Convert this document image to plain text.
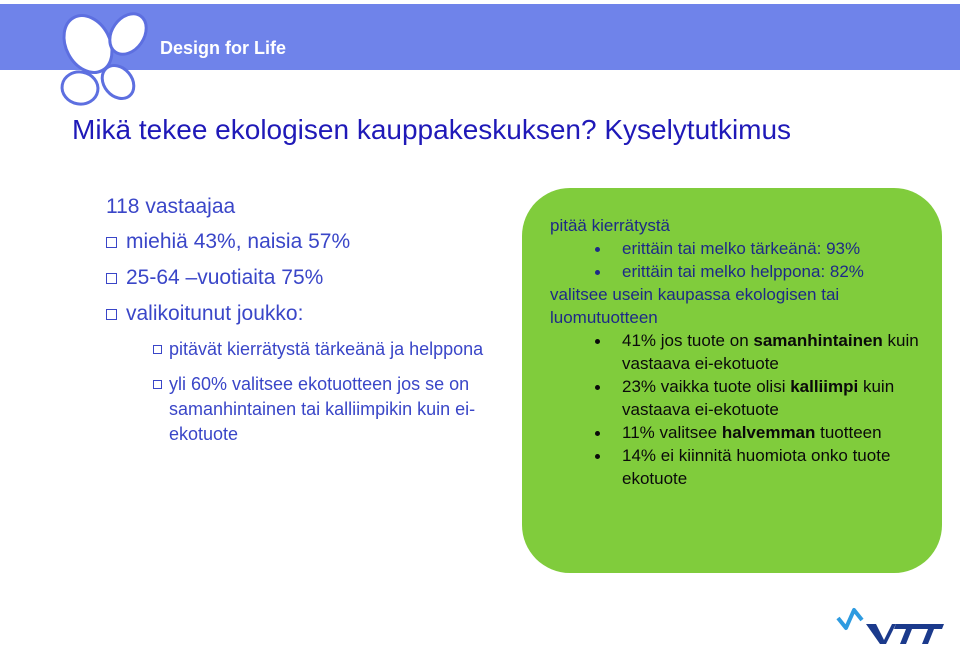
Design for Life
Mikä tekee ekologisen kauppakeskuksen? Kyselytutkimus
118 vastaajaa
miehiä 43%, naisia 57%
25-64 –vuotiaita 75%
valikoitunut joukko:
pitävät kierrätystä tärkeänä ja helppona
yli 60% valitsee ekotuotteen jos se on samanhintainen tai kalliimpikin kuin ei-ekotuote
pitää kierrätystä
erittäin tai melko tärkeänä: 93%
erittäin tai melko helppona: 82%
valitsee usein kaupassa ekologisen tai luomutuotteen
41% jos tuote on samanhintainen kuin vastaava ei-ekotuote
23% vaikka tuote olisi kalliimpi kuin vastaava ei-ekotuote
11% valitsee halvemman tuotteen
14% ei kiinnitä huomiota onko tuote ekotuote
